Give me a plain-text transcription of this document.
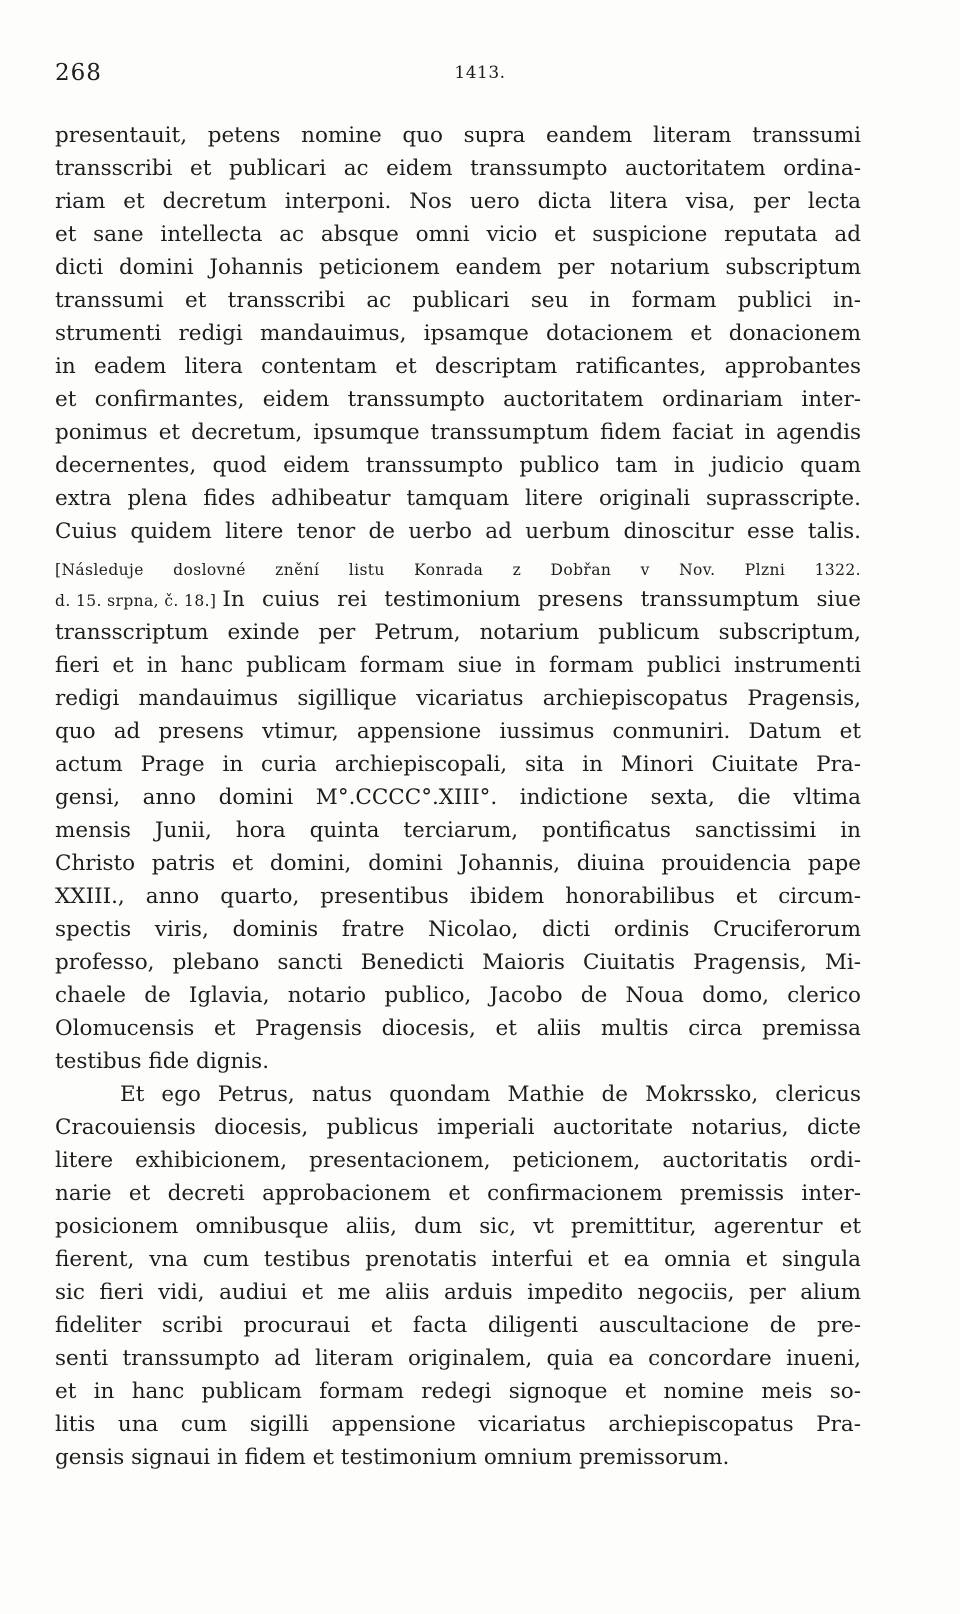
268	1413.
presentauit, petens nomine quo supra eandem literam transsumi
transscribi et publicari ac eidem transsumpto auctoritatem ordina-
riam et decretum interponi. Nos uero dicta litera visa, per lecta
et sane intellecta ac absque omni vicio et suspicione reputata ad
dicti domini Johannis peticionem eandem per notarium subscriptum
transsumi et transscribi ac publicari seu in formam publici in-
strumenti redigi mandauimus, ipsamque dotacionem et donacionem
in eadem litera contentam et descriptam ratificantes, approbantes
et confirmantes, eidem transsumpto auctoritatem ordinariam inter-
ponimus et decretum, ipsumque transsumptum fidem faciat in agendis
decernentes, quod eidem transsumpto publico tam in judicio quam
extra plena fides adhibeatur tamquam litere originali suprasscripte.
Cuius quidem litere tenor de uerbo ad uerbum dinoscitur esse talis.
[Následuje doslovné znění listu Konrada z Dobřan v Nov. Plzni 1322.
d. 15. srpna, č. 18.] In cuius rei testimonium presens transsumptum siue
transscriptum exinde per Petrum, notarium publicum subscriptum,
fieri et in hanc publicam formam siue in formam publici instrumenti
redigi mandauimus sigillique vicariatus archiepiscopatus Pragensis,
quo ad presens vtimur, appensione iussimus conmuniri. Datum et
actum Prage in curia archiepiscopali, sita in Minori Ciuitate Pra-
gensi, anno domini M°.CCCC°.XIII°. indictione sexta, die vltima
mensis Junii, hora quinta terciarum, pontificatus sanctissimi in
Christo patris et domini, domini Johannis, diuina prouidencia pape
XXIII., anno quarto, presentibus ibidem honorabilibus et circum-
spectis viris, dominis fratre Nicolao, dicti ordinis Cruciferorum
professo, plebano sancti Benedicti Maioris Ciuitatis Pragensis, Mi-
chaele de Iglavia, notario publico, Jacobo de Noua domo, clerico
Olomucensis et Pragensis diocesis, et aliis multis circa premissa
testibus fide dignis.
Et ego Petrus, natus quondam Mathie de Mokrssko, clericus
Cracouiensis diocesis, publicus imperiali auctoritate notarius, dicte
litere exhibicionem, presentacionem, peticionem, auctoritatis ordi-
narie et decreti approbacionem et confirmacionem premissis inter-
posicionem omnibusque aliis, dum sic, vt premittitur, agerentur et
fierent, vna cum testibus prenotatis interfui et ea omnia et singula
sic fieri vidi, audiui et me aliis arduis impedito negociis, per alium
fideliter scribi procuraui et facta diligenti auscultacione de pre-
senti transsumpto ad literam originalem, quia ea concordare inueni,
et in hanc publicam formam redegi signoque et nomine meis so-
litis una cum sigilli appensione vicariatus archiepiscopatus Pra-
gensis signaui in fidem et testimonium omnium premissorum.
